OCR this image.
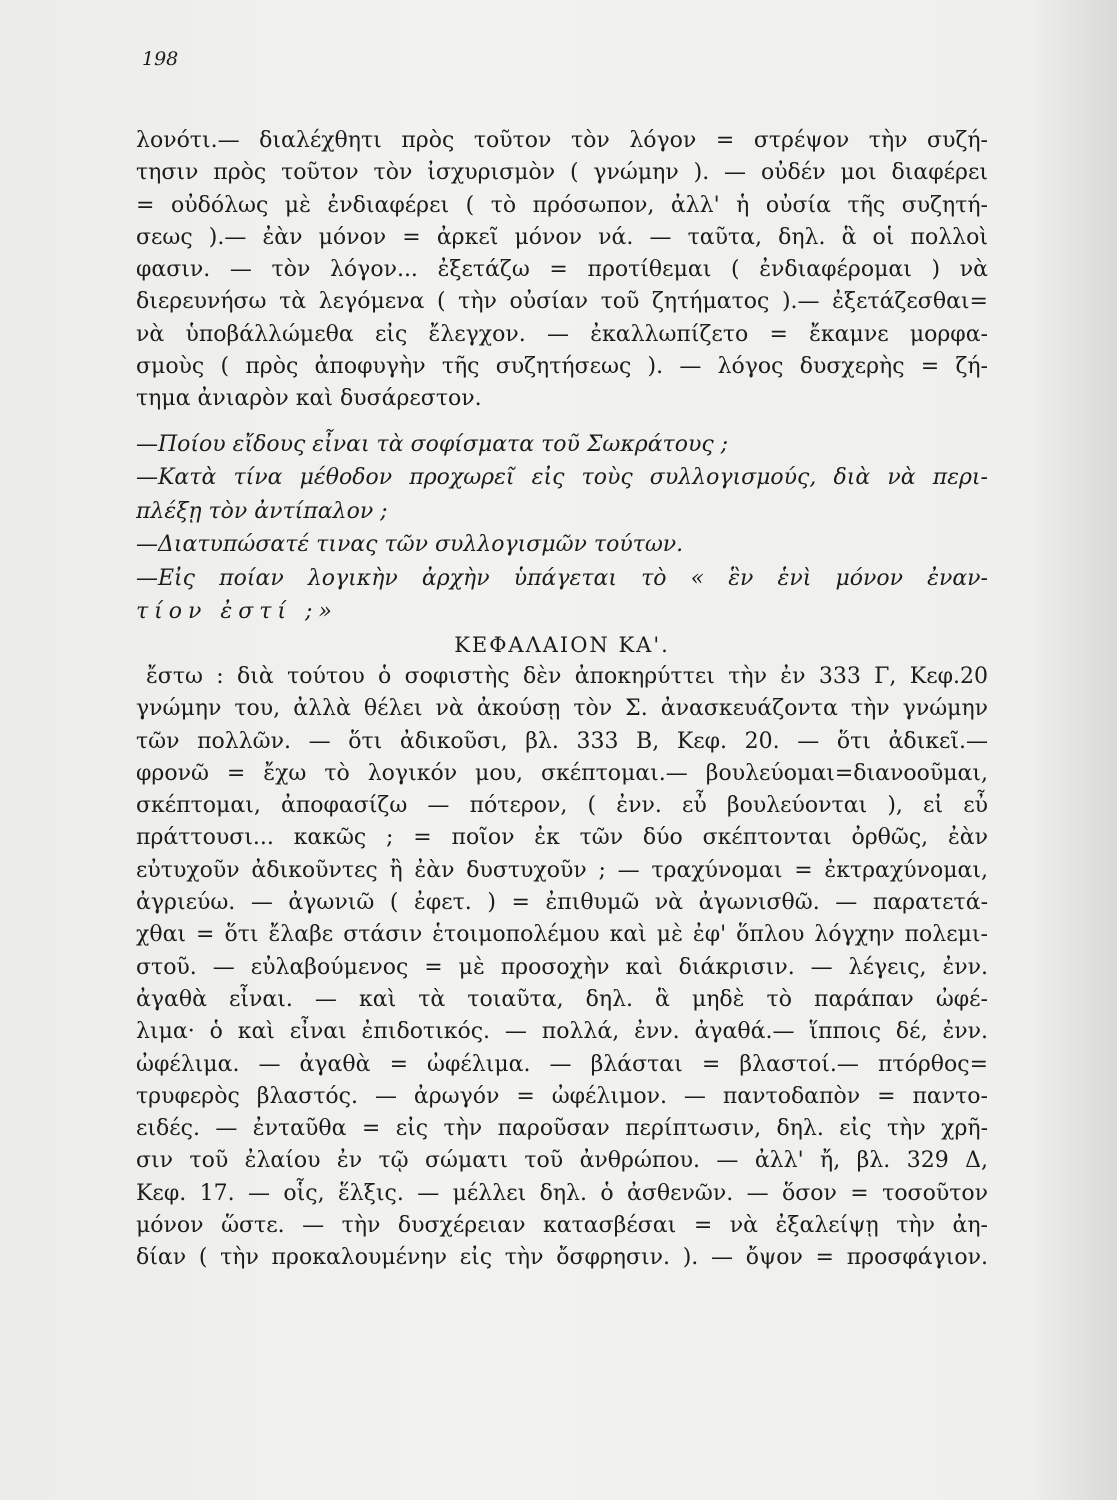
198
λονότι.— διαλέχθητι πρὸς τοῦτον τὸν λόγον = στρέψον τὴν συζή-
τησιν πρὸς τοῦτον τὸν ἰσχυρισμὸν ( γνώμην ). — οὐδέν μοι διαφέρει
= οὐδόλως μὲ ἐνδιαφέρει ( τὸ πρόσωπον, ἀλλ' ἡ οὐσία τῆς συζητή-
σεως ).— ἐὰν μόνον = ἀρκεῖ μόνον νά. — ταῦτα, δηλ. ἃ οἱ πολλοὶ
φασιν. — τὸν λόγον... ἐξετάζω = προτίθεμαι ( ἐνδιαφέρομαι ) νὰ
διερευνήσω τὰ λεγόμενα ( τὴν οὐσίαν τοῦ ζητήματος ).— ἐξετάζεσθαι=
νὰ ὑποβάλλώμεθα εἰς ἔλεγχον. — ἐκαλλωπίζετο = ἔκαμνε μορφα-
σμοὺς ( πρὸς ἀποφυγὴν τῆς συζητήσεως ). — λόγος δυσχερὴς = ζή-
τημα ἀνιαρὸν καὶ δυσάρεστον.
—Ποίου εἴδους εἶναι τὰ σοφίσματα τοῦ Σωκράτους ;
—Κατὰ τίνα μέθοδον προχωρεῖ εἰς τοὺς συλλογισμούς, διὰ νὰ περι-
πλέξῃ τὸν ἀντίπαλον ;
—Διατυπώσατέ τινας τῶν συλλογισμῶν τούτων.
—Εἰς ποίαν λογικὴν ἀρχὴν ὑπάγεται τὸ « ἓν ἑνὶ μόνον ἐναν-
τίον ἐστί ;»
ΚΕΦΑΛΑΙΟΝ ΚΑ'.
ἔστω : διὰ τούτου ὁ σοφιστὴς δὲν ἀποκηρύττει τὴν ἐν 333 Γ, Κεφ.20
γνώμην του, ἀλλὰ θέλει νὰ ἀκούσῃ τὸν Σ. ἀνασκευάζοντα τὴν γνώμην
τῶν πολλῶν. — ὅτι ἀδικοῦσι, βλ. 333 Β, Κεφ. 20. — ὅτι ἀδικεῖ.—
φρονῶ = ἔχω τὸ λογικόν μου, σκέπτομαι.— βουλεύομαι=διανοοῦμαι,
σκέπτομαι, ἀποφασίζω — πότερον, ( ἐνν. εὖ βουλεύονται ), εἰ εὖ
πράττουσι... κακῶς ; = ποῖον ἐκ τῶν δύο σκέπτονται ὀρθῶς, ἐὰν
εὐτυχοῦν ἀδικοῦντες ἢ ἐὰν δυστυχοῦν ; — τραχύνομαι = ἐκτραχύνομαι,
ἀγριεύω. — ἀγωνιῶ ( ἐφετ. ) = ἐπιθυμῶ νὰ ἀγωνισθῶ. — παρατετά-
χθαι = ὅτι ἔλαβε στάσιν ἑτοιμοπολέμου καὶ μὲ ἐφ' ὅπλου λόγχην πολεμι-
στοῦ. — εὐλαβούμενος = μὲ προσοχὴν καὶ διάκρισιν. — λέγεις, ἐνν.
ἀγαθὰ εἶναι. — καὶ τὰ τοιαῦτα, δηλ. ἃ μηδὲ τὸ παράπαν ὠφέ-
λιμα· ὁ καὶ εἶναι ἐπιδοτικός. — πολλά, ἐνν. ἀγαθά.— ἵπποις δέ, ἐνν.
ὠφέλιμα. — ἀγαθὰ = ὠφέλιμα. — βλάσται = βλαστοί.— πτόρθος=
τρυφερὸς βλαστός. — ἀρωγόν = ὠφέλιμον. — παντοδαπὸν = παντο-
ειδές. — ἐνταῦθα = εἰς τὴν παροῦσαν περίπτωσιν, δηλ. εἰς τὴν χρῆ-
σιν τοῦ ἐλαίου ἐν τῷ σώματι τοῦ ἀνθρώπου. — ἀλλ' ἤ, βλ. 329 Δ,
Κεφ. 17. — οἷς, ἕλξις. — μέλλει δηλ. ὁ ἀσθενῶν. — ὅσον = τοσοῦτον
μόνον ὥστε. — τὴν δυσχέρειαν κατασβέσαι = νὰ ἐξαλείψῃ τὴν ἀη-
δίαν ( τὴν προκαλουμένην εἰς τὴν ὄσφρησιν. ). — ὄψον = προσφάγιον.
